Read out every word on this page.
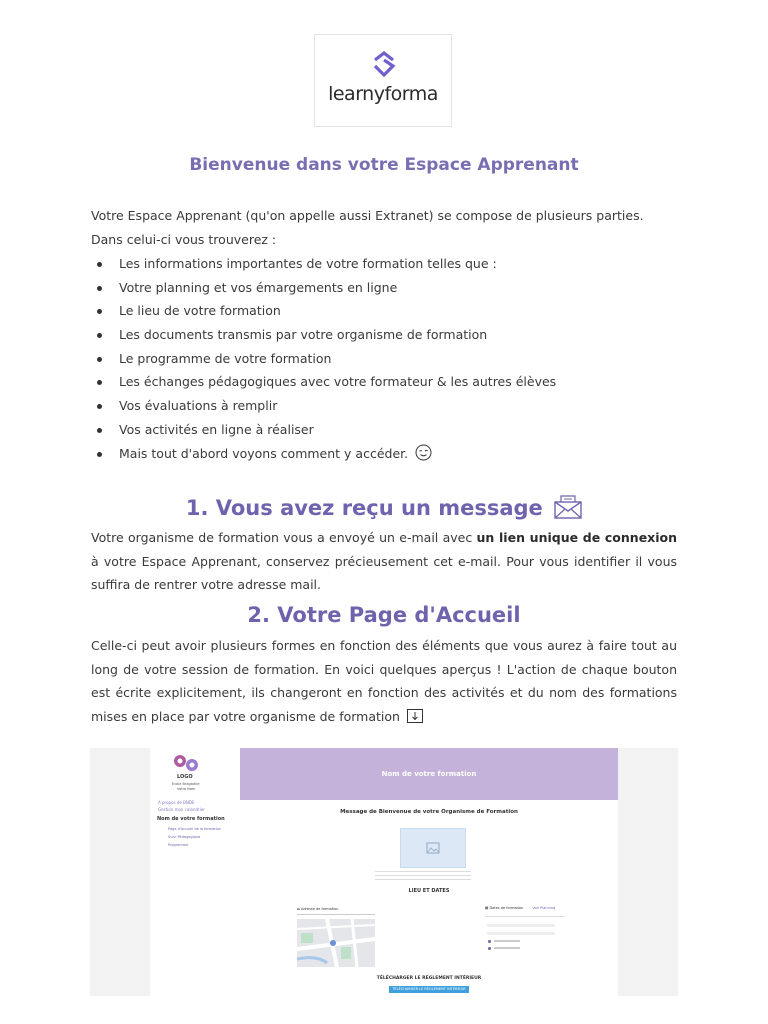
learnyforma
Bienvenue dans votre Espace Apprenant
Votre Espace Apprenant (qu'on appelle aussi Extranet) se compose de plusieurs parties.
Dans celui-ci vous trouverez :
Les informations importantes de votre formation telles que :
Votre planning et vos émargements en ligne
Le lieu de votre formation
Les documents transmis par votre organisme de formation
Le programme de votre formation
Les échanges pédagogiques avec votre formateur & les autres élèves
Vos évaluations à remplir
Vos activités en ligne à réaliser
Mais tout d'abord voyons comment y accéder.
1. Vous avez reçu un message
Votre organisme de formation vous a envoyé un e-mail avec un lien unique de connexion à votre Espace Apprenant, conservez précieusement cet e-mail. Pour vous identifier il vous suffira de rentrer votre adresse mail.
2. Votre Page d'Accueil
Celle-ci peut avoir plusieurs formes en fonction des éléments que vous aurez à faire tout au long de votre session de formation. En voici quelques aperçus ! L'action de chaque bouton est écrite explicitement, ils changeront en fonction des activités et du nom des formations mises en place par votre organisme de formation
LOGO
Ecole Bragadire
Votre Nom
A propos de BNDE
Gestion mon calendrier
Nom de votre formation
Page d'Accueil de la formation
Suivi Pédagogique
Programme
Nom de votre formation
Message de Bienvenue de votre Organisme de Formation
LIEU ET DATES
⌂ Adresse de formation	▦ Dates de formation	Voir Planning
TÉLÉCHARGER LE RÈGLEMENT INTÉRIEUR
TÉLÉCHARGER LE RÈGLEMENT INTÉRIEUR
